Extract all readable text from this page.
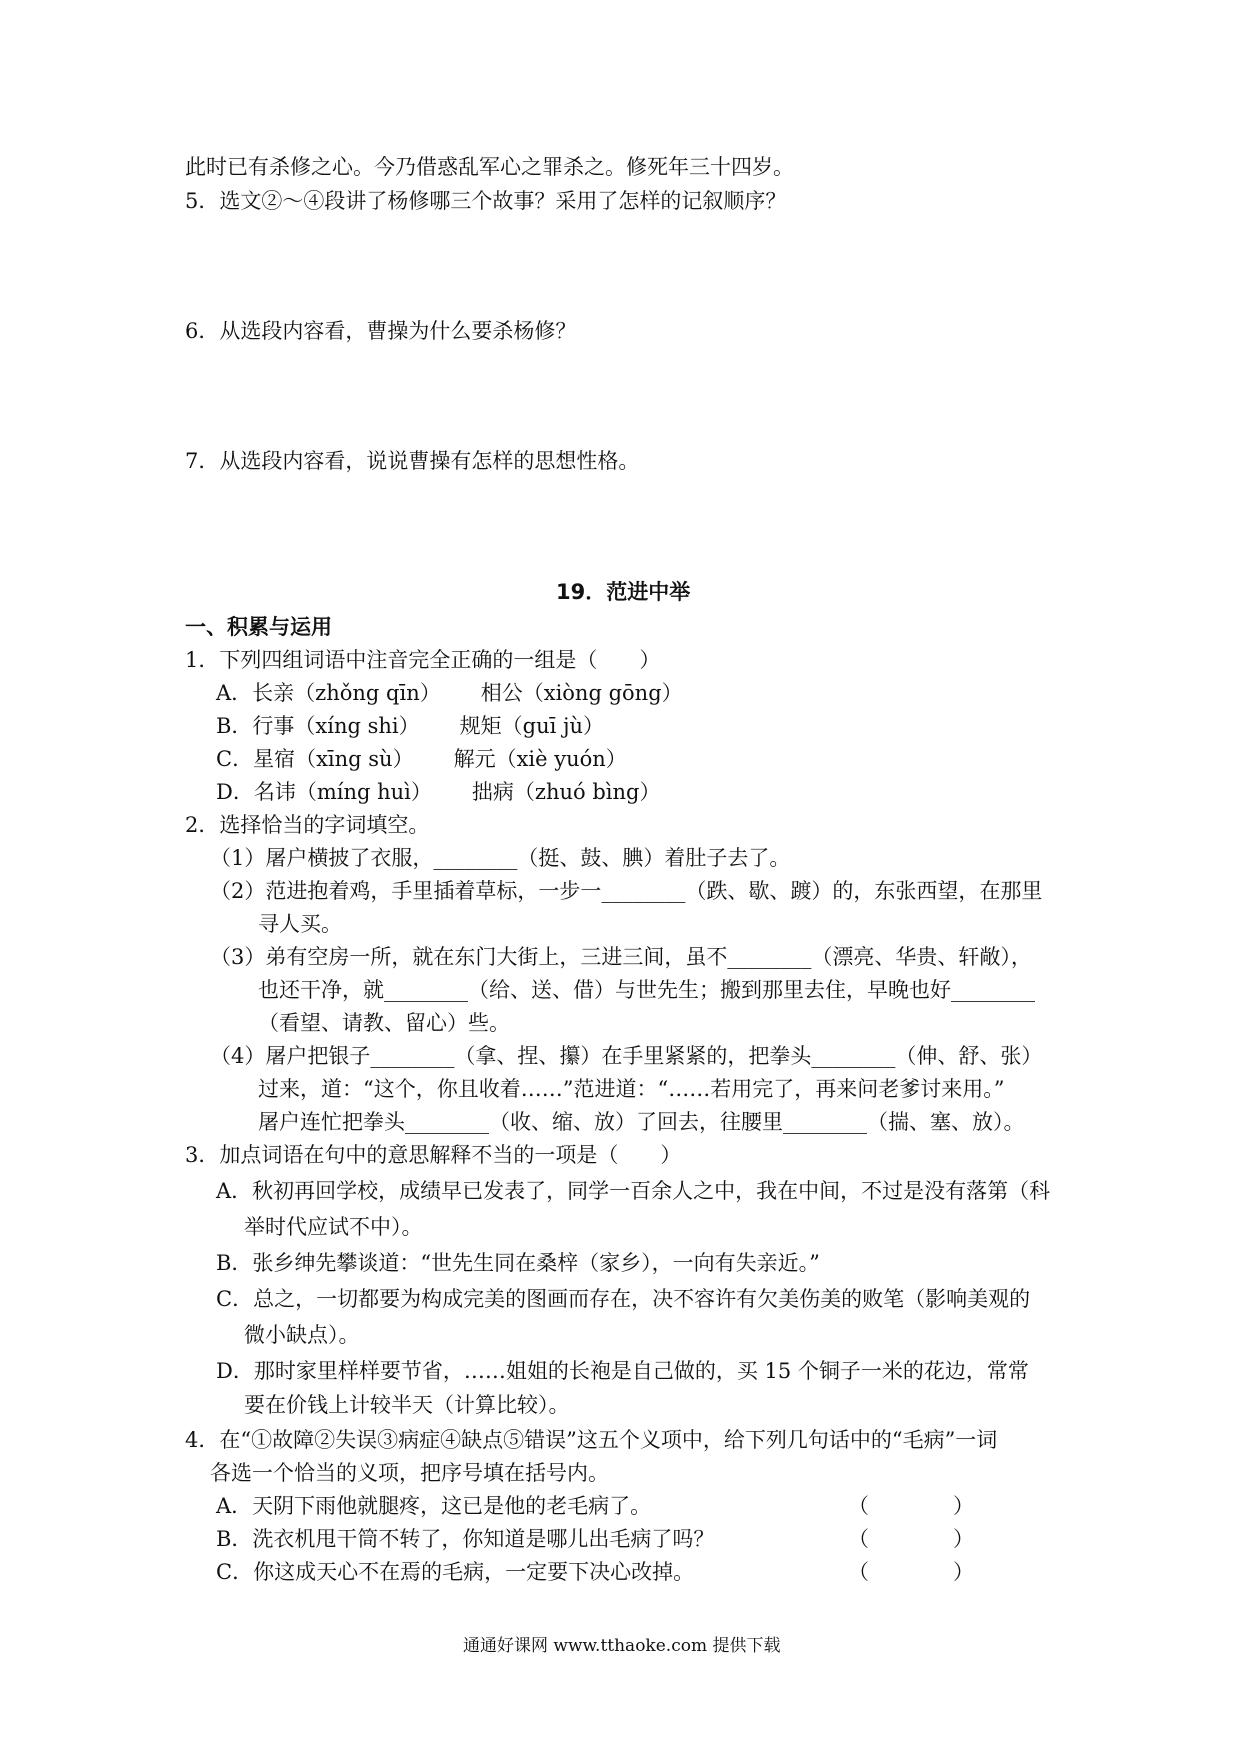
此时已有杀修之心。今乃借惑乱军心之罪杀之。修死年三十四岁。
5．选文②～④段讲了杨修哪三个故事？采用了怎样的记叙顺序？
6．从选段内容看，曹操为什么要杀杨修？
7．从选段内容看，说说曹操有怎样的思想性格。
19．范进中举
一、积累与运用
1．下列四组词语中注音完全正确的一组是（　　）
A．长亲（zhǒng qīn） 相公（xiòng gōng）
B．行事（xíng shi） 规矩（guī jù）
C．星宿（xīng sù） 解元（xiè yuón）
D．名讳（míng huì） 拙病（zhuó bìng）
2．选择恰当的字词填空。
（1）屠户横披了衣服，________（挺、鼓、腆）着肚子去了。
（2）范进抱着鸡，手里插着草标，一步一________（跌、歇、踱）的，东张西望，在那里
寻人买。
（3）弟有空房一所，就在东门大街上，三进三间，虽不________（漂亮、华贵、轩敞），
也还干净，就________（给、送、借）与世先生；搬到那里去住，早晚也好________
（看望、请教、留心）些。
（4）屠户把银子________（拿、捏、攥）在手里紧紧的，把拳头________（伸、舒、张）
过来，道：“这个，你且收着……”范进道：“……若用完了，再来问老爹讨来用。”
屠户连忙把拳头________（收、缩、放）了回去，往腰里________（揣、塞、放）。
3．加点词语在句中的意思解释不当的一项是（　　）
A．秋初再回学校，成绩早已发表了，同学一百余人之中，我在中间，不过是没有落第（科
举时代应试不中）。
B．张乡绅先攀谈道：“世先生同在桑梓（家乡），一向有失亲近。”
C．总之，一切都要为构成完美的图画而存在，决不容许有欠美伤美的败笔（影响美观的
微小缺点）。
D．那时家里样样要节省，……姐姐的长袍是自己做的，买 15 个铜子一米的花边，常常
要在价钱上计较半天（计算比较）。
4．在“①故障②失误③病症④缺点⑤错误”这五个义项中，给下列几句话中的“毛病”一词
各选一个恰当的义项，把序号填在括号内。
A．天阴下雨他就腿疼，这已是他的老毛病了。	（　　　　）
B．洗衣机甩干筒不转了，你知道是哪儿出毛病了吗？	（　　　　）
C．你这成天心不在焉的毛病，一定要下决心改掉。	（　　　　）
通通好课网 www.tthaoke.com 提供下载
